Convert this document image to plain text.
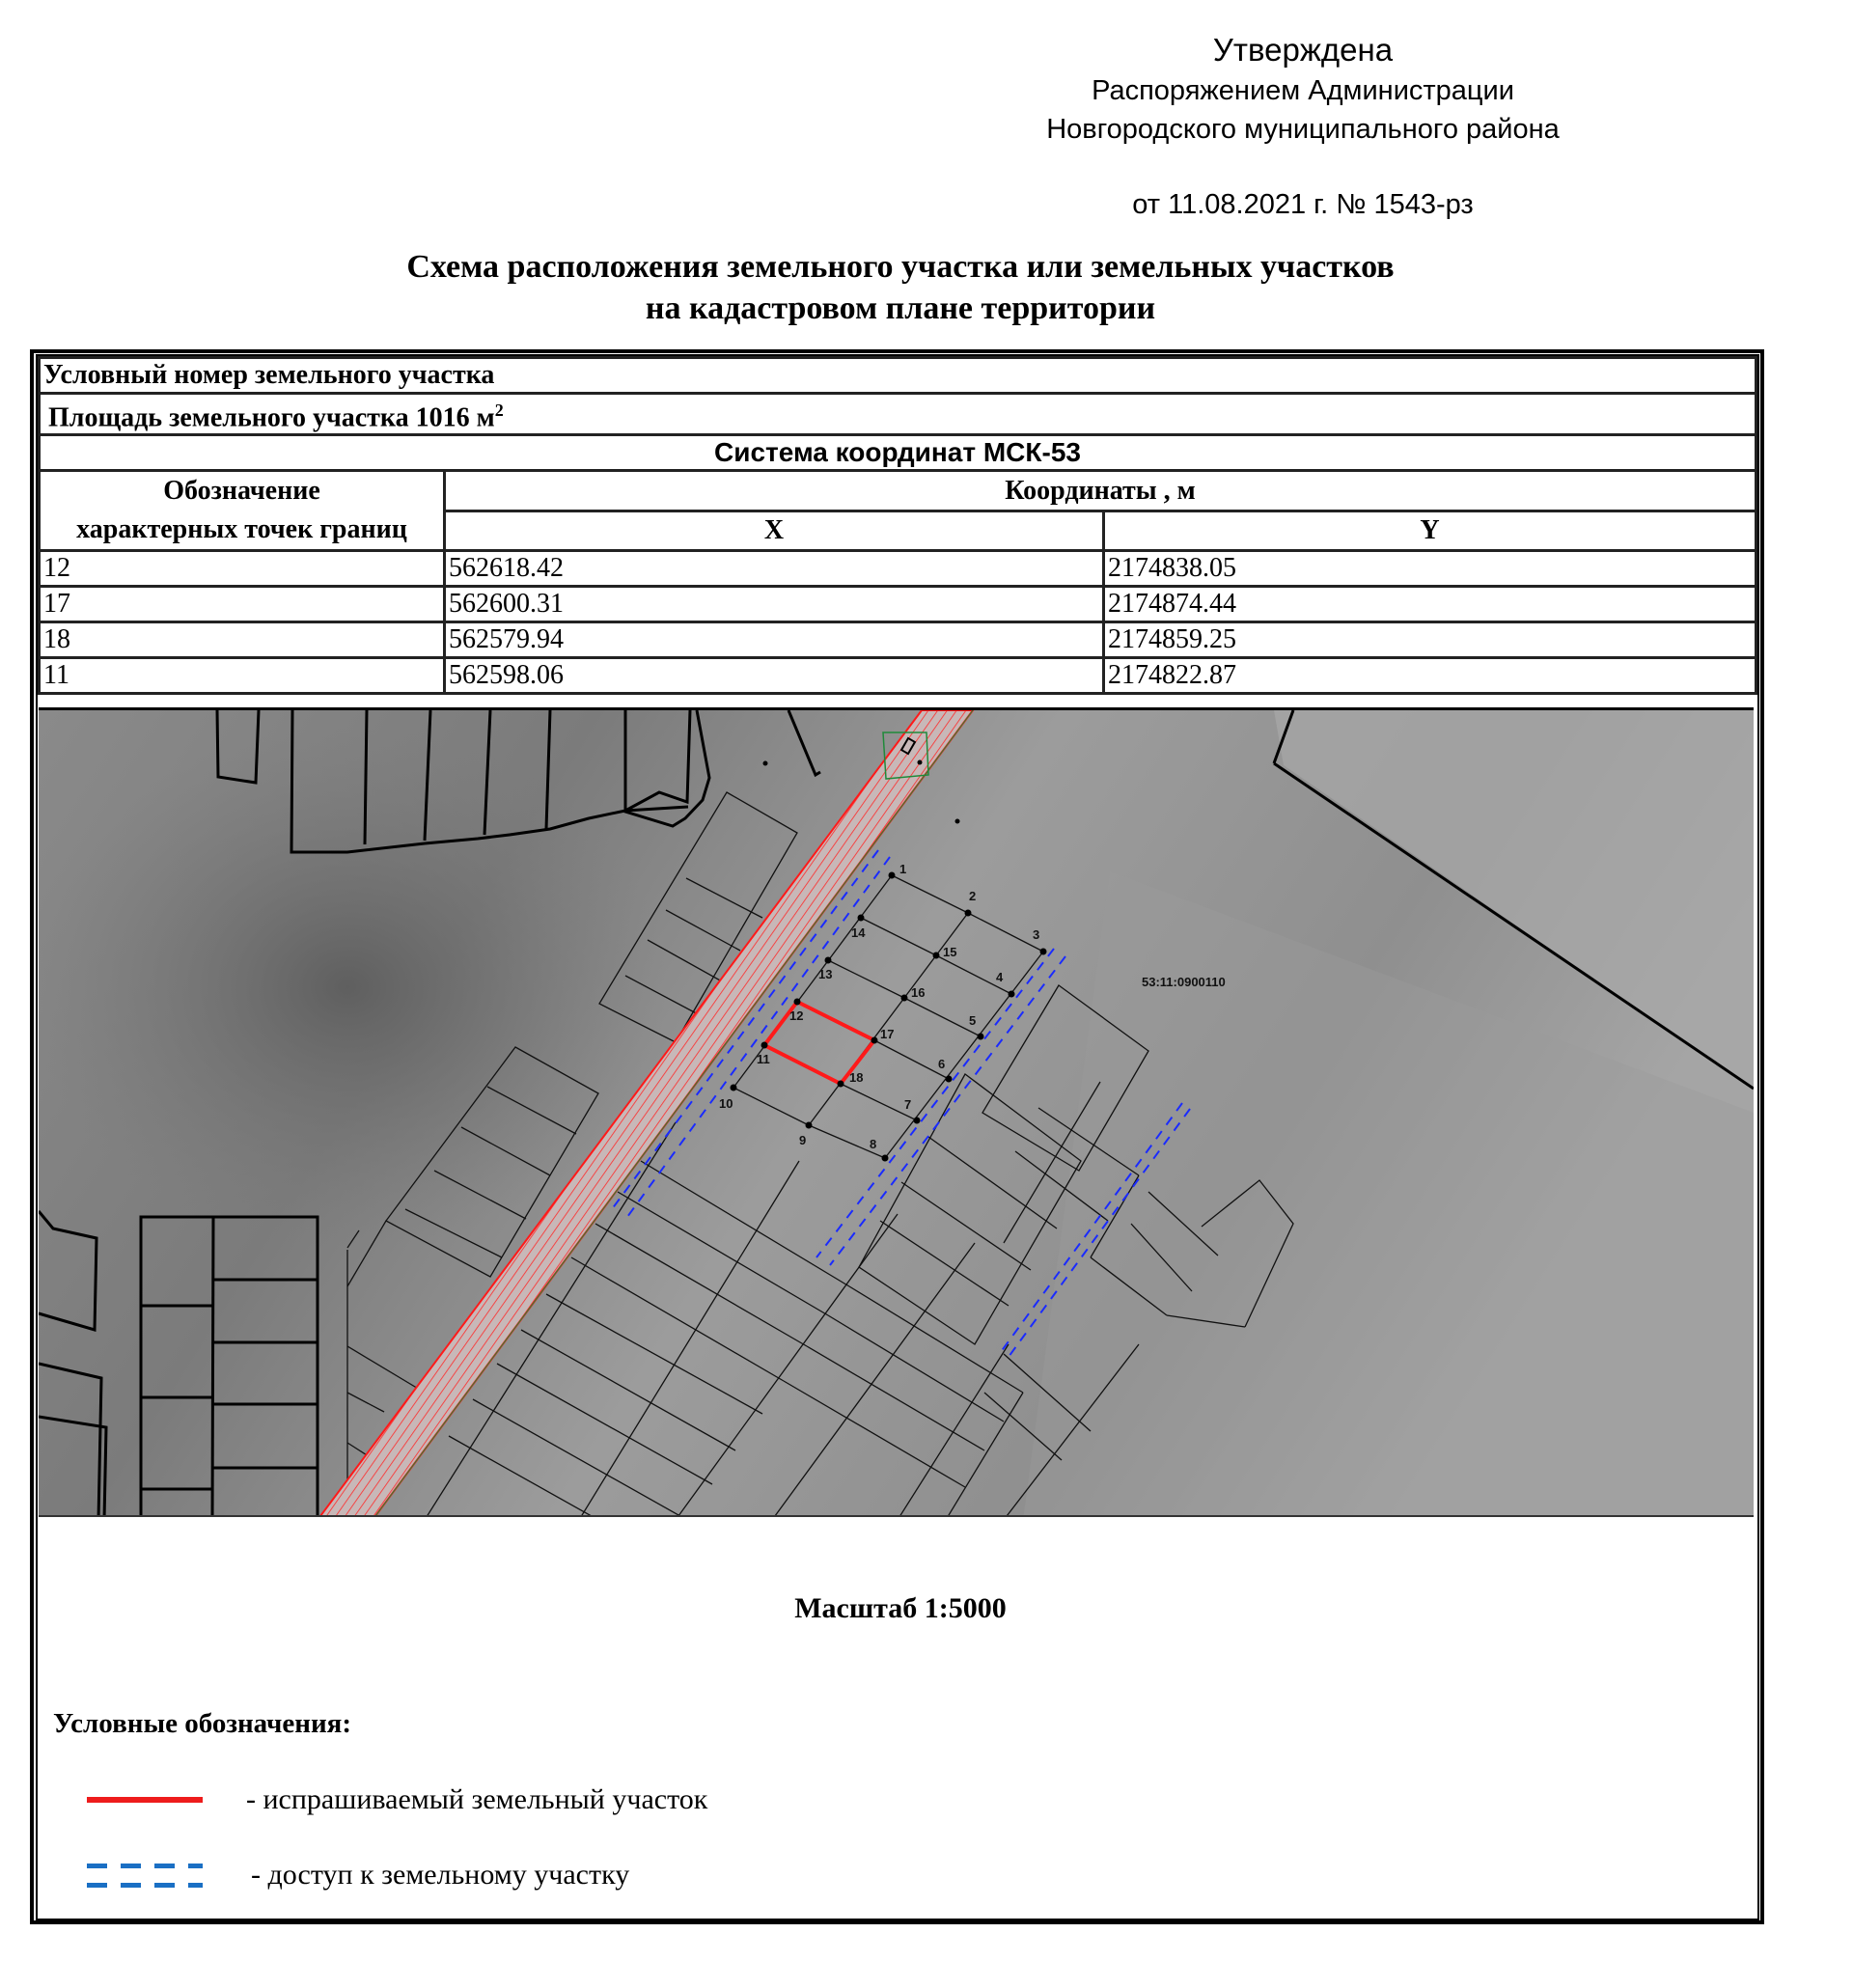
Утверждена
Распоряжением Администрации
Новгородского муниципального района
от 11.08.2021 г. № 1543-рз
Схема расположения земельного участка или земельных участков
на кадастровом плане территории
Условный номер земельного участка		
Площадь земельного участка 1016 $м^2$
Система координат МСК-53		

Обозначение
характерных точек границ	Координаты , м	
	X	Y
12	562618.42	2174838.05
17	562600.31	2174874.44
18	562579.94	2174859.25
11	562598.06	2174822.87
1
2
3
14
15
4
13
16
5
12
17
6
11
18
7
10
9	8
53:11:0900110
Масштаб 1:5000
Условные обозначения:
- испрашиваемый земельный участок
- доступ к земельному участку
